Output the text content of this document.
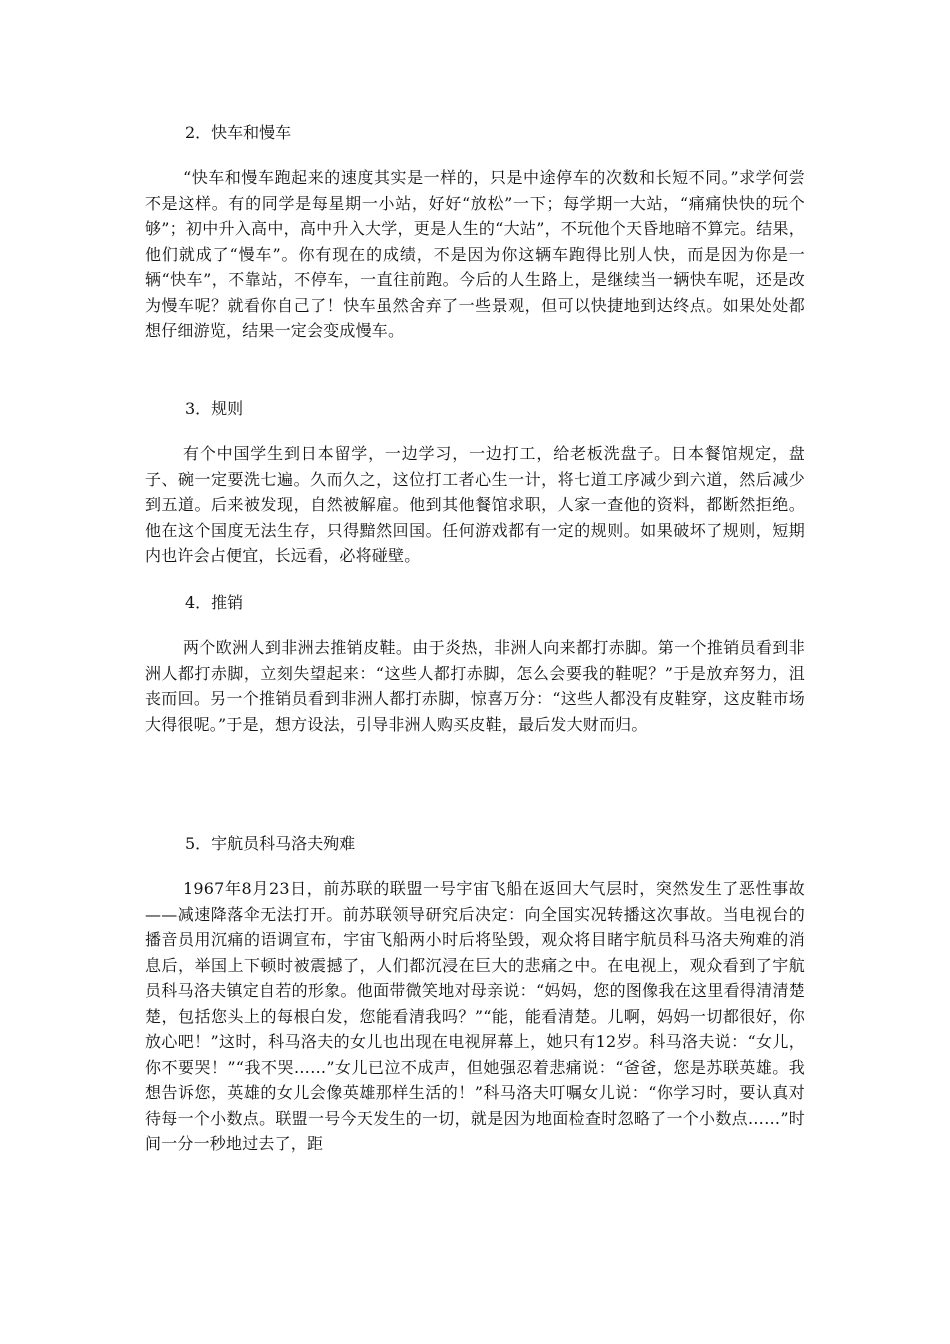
2．快车和慢车

“快车和慢车跑起来的速度其实是一样的，只是中途停车的次数和长短不同。”求学何尝不是这样。有的同学是每星期一小站，好好“放松”一下；每学期一大站，“痛痛快快的玩个够”；初中升入高中，高中升入大学，更是人生的“大站”，不玩他个天昏地暗不算完。结果，他们就成了“慢车”。你有现在的成绩，不是因为你这辆车跑得比别人快，而是因为你是一辆“快车”，不靠站，不停车，一直往前跑。今后的人生路上，是继续当一辆快车呢，还是改为慢车呢？就看你自己了！快车虽然舍弃了一些景观，但可以快捷地到达终点。如果处处都想仔细游览，结果一定会变成慢车。

3．规则

有个中国学生到日本留学，一边学习，一边打工，给老板洗盘子。日本餐馆规定，盘子、碗一定要洗七遍。久而久之，这位打工者心生一计，将七道工序减少到六道，然后减少到五道。后来被发现，自然被解雇。他到其他餐馆求职，人家一查他的资料，都断然拒绝。他在这个国度无法生存，只得黯然回国。任何游戏都有一定的规则。如果破坏了规则，短期内也许会占便宜，长远看，必将碰壁。

4．推销

两个欧洲人到非洲去推销皮鞋。由于炎热，非洲人向来都打赤脚。第一个推销员看到非洲人都打赤脚，立刻失望起来：“这些人都打赤脚，怎么会要我的鞋呢？”于是放弃努力，沮丧而回。另一个推销员看到非洲人都打赤脚，惊喜万分：“这些人都没有皮鞋穿，这皮鞋市场大得很呢。”于是，想方设法，引导非洲人购买皮鞋，最后发大财而归。

5．宇航员科马洛夫殉难

1967年8月23日，前苏联的联盟一号宇宙飞船在返回大气层时，突然发生了恶性事故——减速降落伞无法打开。前苏联领导研究后决定：向全国实况转播这次事故。当电视台的播音员用沉痛的语调宣布，宇宙飞船两小时后将坠毁，观众将目睹宇航员科马洛夫殉难的消息后，举国上下顿时被震撼了，人们都沉浸在巨大的悲痛之中。在电视上，观众看到了宇航员科马洛夫镇定自若的形象。他面带微笑地对母亲说：“妈妈，您的图像我在这里看得清清楚楚，包括您头上的每根白发，您能看清我吗？”“能，能看清楚。儿啊，妈妈一切都很好，你放心吧！”这时，科马洛夫的女儿也出现在电视屏幕上，她只有12岁。科马洛夫说：“女儿，你不要哭！”“我不哭……”女儿已泣不成声，但她强忍着悲痛说：“爸爸，您是苏联英雄。我想告诉您，英雄的女儿会像英雄那样生活的！”科马洛夫叮嘱女儿说：“你学习时，要认真对待每一个小数点。联盟一号今天发生的一切，就是因为地面检查时忽略了一个小数点……”时间一分一秒地过去了，距
